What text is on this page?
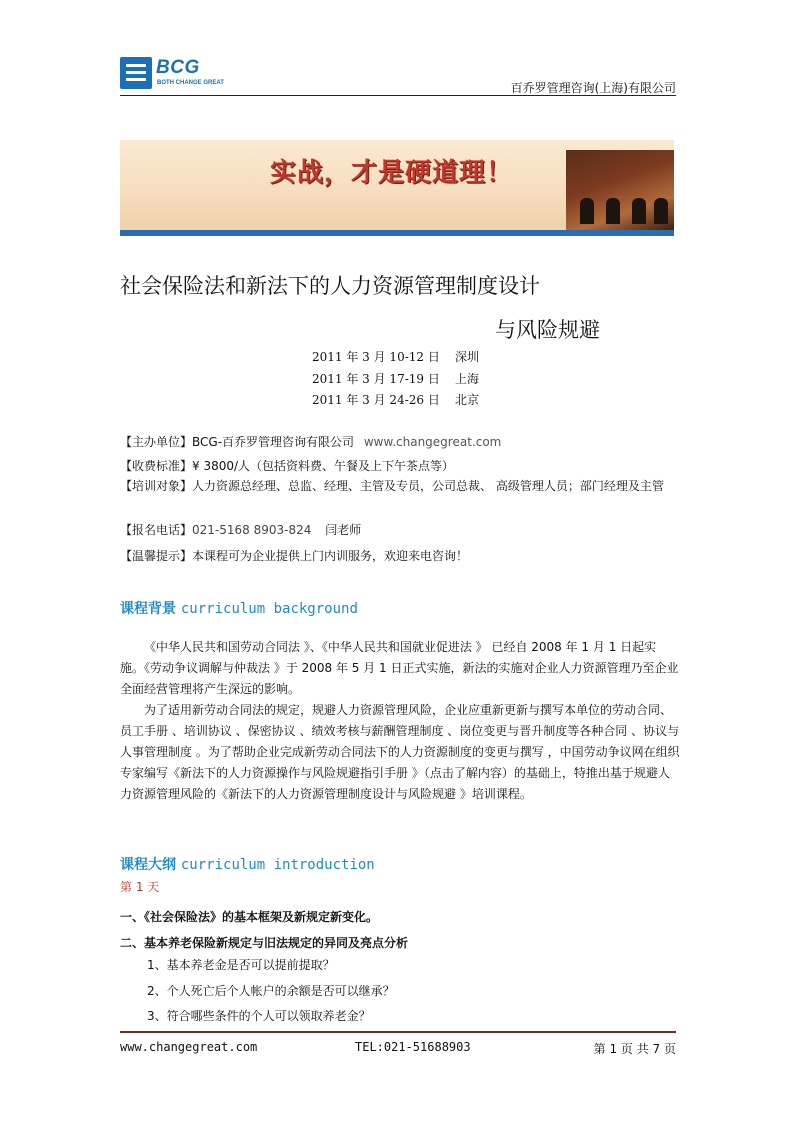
BCG
BOTH CHANGE GREAT	百乔罗管理咨询(上海)有限公司
实战，才是硬道理！
社会保险法和新法下的人力资源管理制度设计
与风险规避
2011 年 3 月 10-12 日 深圳
2011 年 3 月 17-19 日 上海
2011 年 3 月 24-26 日 北京
【主办单位】BCG-百乔罗管理咨询有限公司 www.changegreat.com
【收费标准】¥ 3800/人（包括资料费、午餐及上下午茶点等）
【培训对象】人力资源总经理、总监、经理、主管及专员，公司总裁、 高级管理人员；部门经理及主管
【报名电话】021-5168 8903-824 闫老师
【温馨提示】本课程可为企业提供上门内训服务，欢迎来电咨询！
课程背景 curriculum background
《中华人民共和国劳动合同法 》、《中华人民共和国就业促进法 》 已经自 2008 年 1 月 1 日起实施。《劳动争议调解与仲裁法 》于 2008 年 5 月 1 日正式实施，新法的实施对企业人力资源管理乃至企业全面经营管理将产生深远的影响。
为了适用新劳动合同法的规定，规避人力资源管理风险，企业应重新更新与撰写本单位的劳动合同、员工手册 、培训协议 、保密协议 、绩效考核与薪酬管理制度 、岗位变更与晋升制度等各种合同 、协议与人事管理制度 。为了帮助企业完成新劳动合同法下的人力资源制度的变更与撰写 ，中国劳动争议网在组织专家编写《新法下的人力资源操作与风险规避指引手册 》（点击了解内容）的基础上，特推出基于规避人力资源管理风险的《新法下的人力资源管理制度设计与风险规避 》培训课程。
课程大纲 curriculum introduction
第 1 天
一、《社会保险法》的基本框架及新规定新变化。
二、基本养老保险新规定与旧法规定的异同及亮点分析
1、基本养老金是否可以提前提取？
2、个人死亡后个人帐户的余额是否可以继承？
3、符合哪些条件的个人可以领取养老金？
www.changegreat.com	TEL:021-51688903	第 1 页 共 7 页
